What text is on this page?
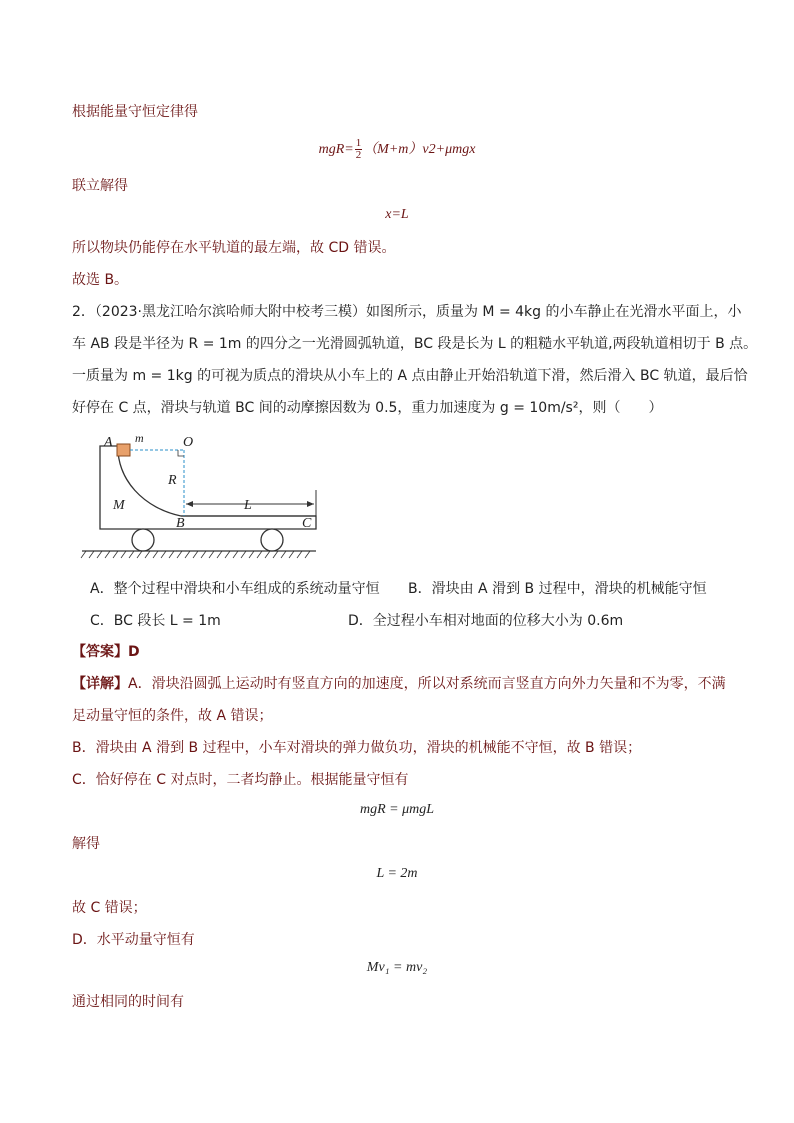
根据能量守恒定律得
$mgR= \frac{1}{2} (M+m)v2+\mu mgx$
联立解得
x=L
所以物块仍能停在水平轨道的最左端，故 CD 错误。
故选 B。
2．（2023·黑龙江哈尔滨哈师大附中校考三模）如图所示，质量为 M = 4kg 的小车静止在光滑水平面上，小
车 AB 段是半径为 R = 1m 的四分之一光滑圆弧轨道，BC 段是长为 L 的粗糙水平轨道,两段轨道相切于 B 点。
一质量为 m = 1kg 的可视为质点的滑块从小车上的 A 点由静止开始沿轨道下滑，然后滑入 BC 轨道，最后恰
好停在 C 点，滑块与轨道 BC 间的动摩擦因数为 0.5，重力加速度为 g = 10m/s²，则（　　）
A m	O
R
M	L
B	C
A．整个过程中滑块和小车组成的系统动量守恒 B．滑块由 A 滑到 B 过程中，滑块的机械能守恒
C．BC 段长 L = 1m	D．全过程小车相对地面的位移大小为 0.6m
【答案】D
【详解】A．滑块沿圆弧上运动时有竖直方向的加速度，所以对系统而言竖直方向外力矢量和不为零，不满
足动量守恒的条件，故 A 错误；
B．滑块由 A 滑到 B 过程中，小车对滑块的弹力做负功，滑块的机械能不守恒，故 B 错误；
C．恰好停在 C 对点时，二者均静止。根据能量守恒有
mgR = μmgL
解得
L = 2m
故 C 错误；
D．水平动量守恒有
Mv₁ = mv₂
通过相同的时间有
